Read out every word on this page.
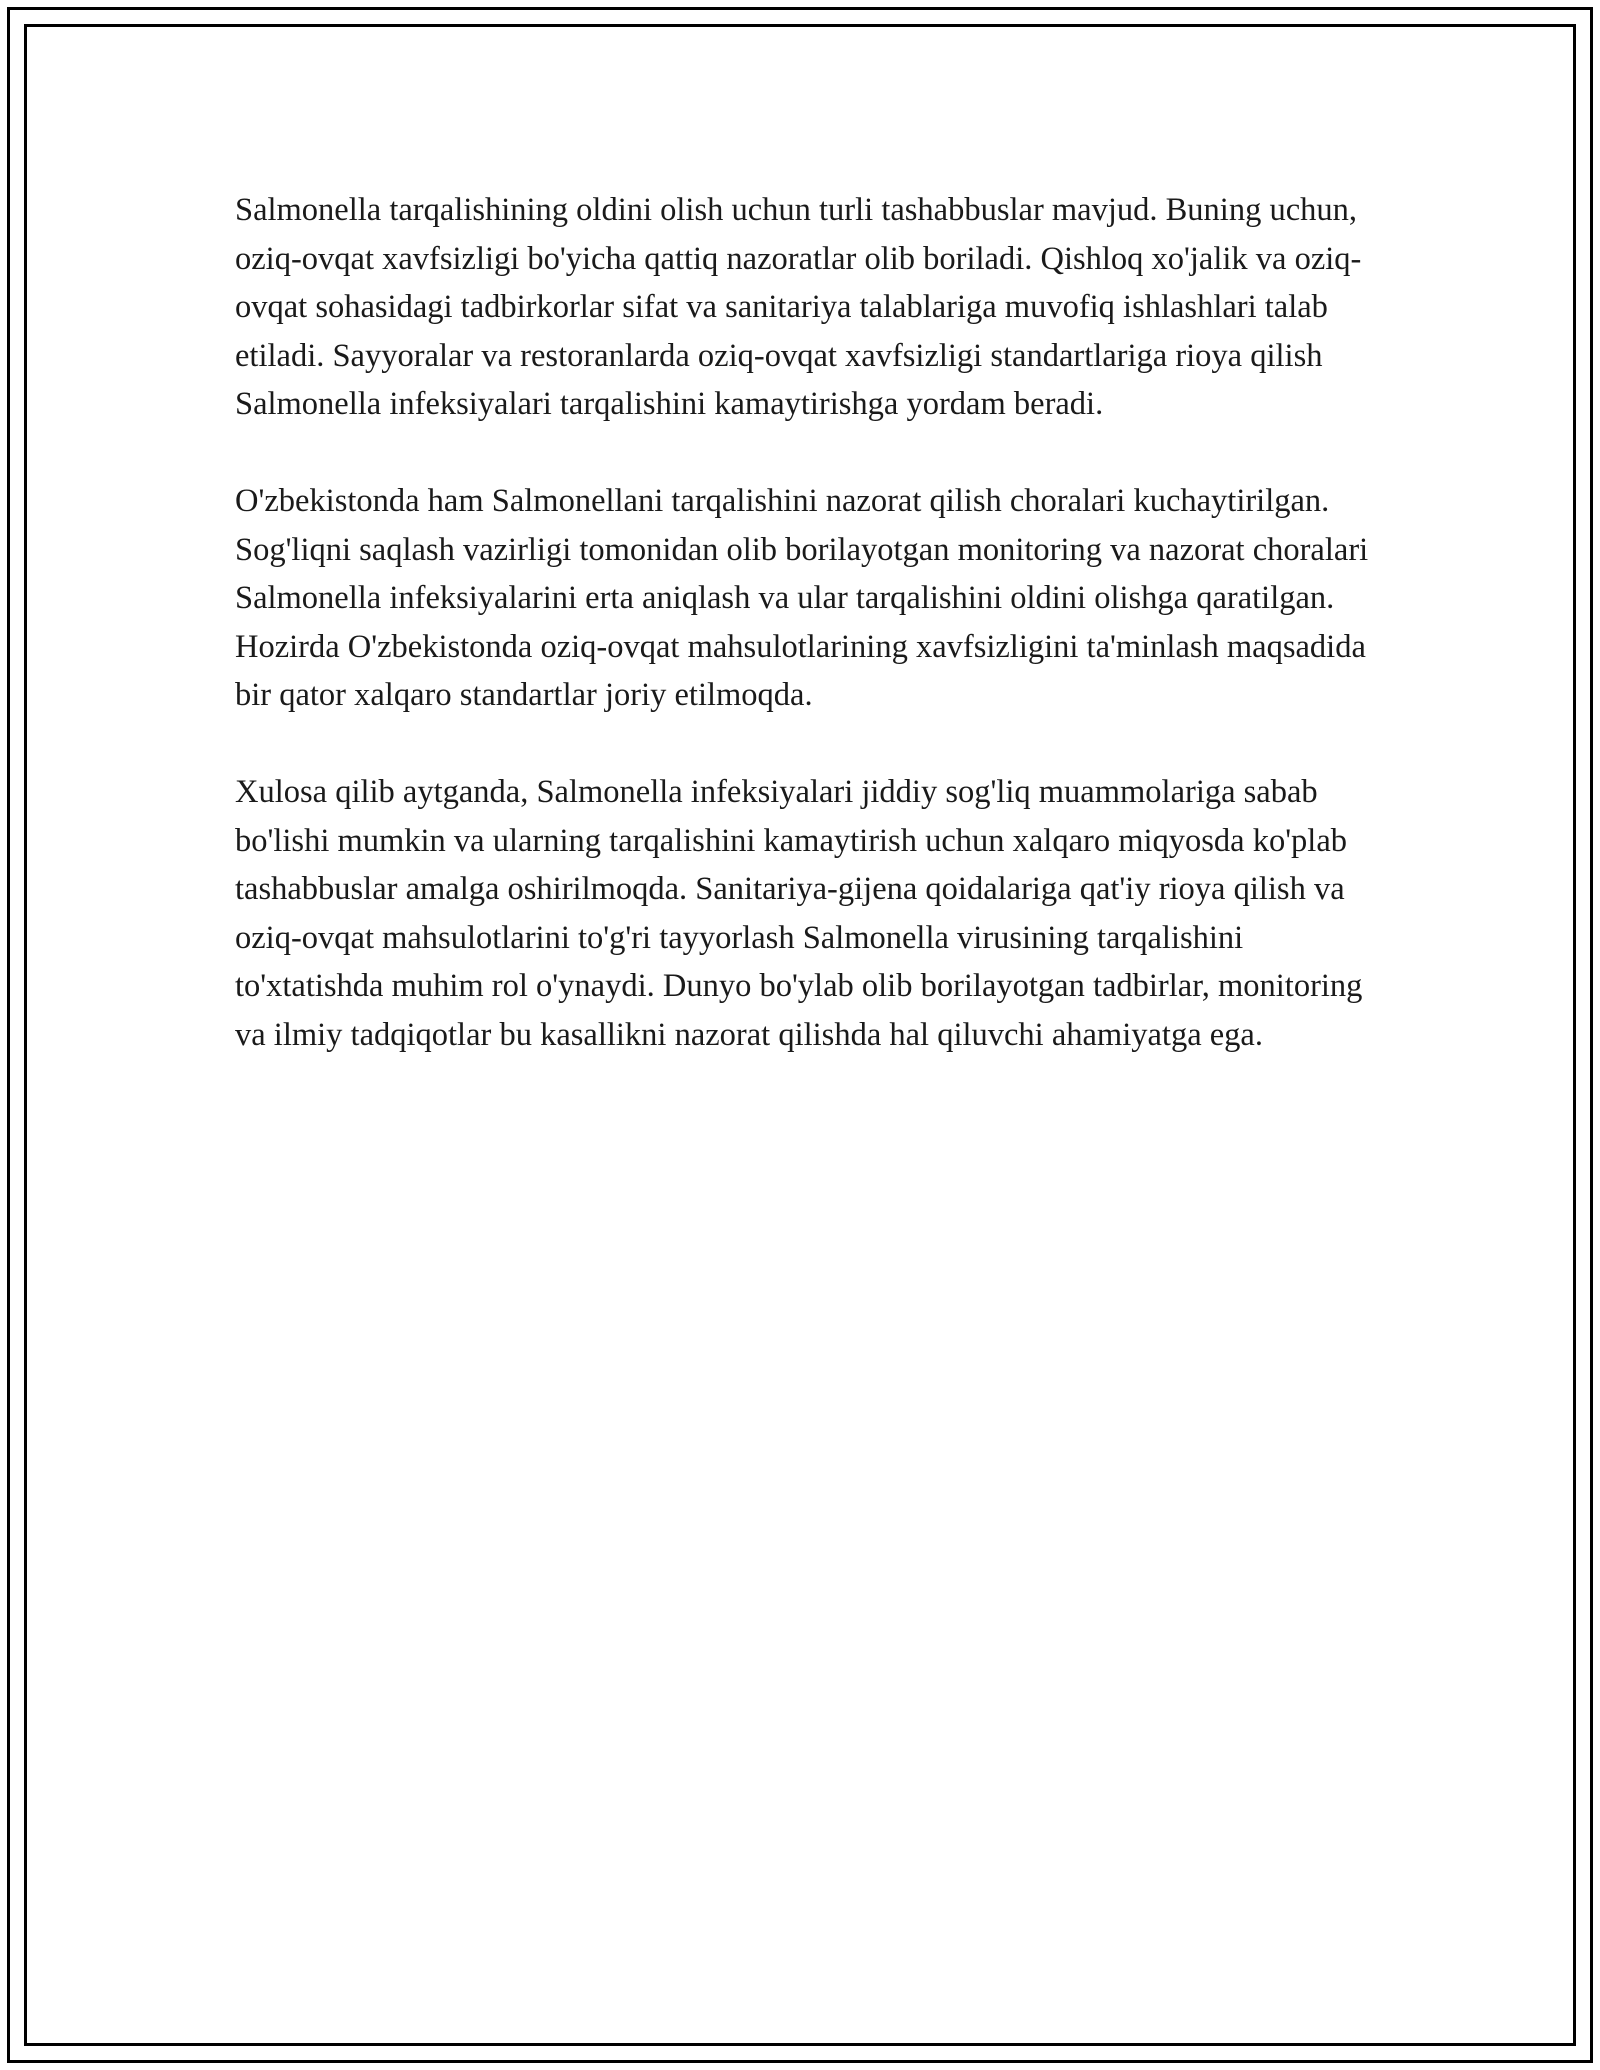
Salmonella tarqalishining oldini olish uchun turli tashabbuslar mavjud. Buning uchun, oziq-ovqat xavfsizligi bo'yicha qattiq nazoratlar olib boriladi. Qishloq xo'jalik va oziq-ovqat sohasidagi tadbirkorlar sifat va sanitariya talablariga muvofiq ishlashlari talab etiladi. Sayyoralar va restoranlarda oziq-ovqat xavfsizligi standartlariga rioya qilish Salmonella infeksiyalari tarqalishini kamaytirishga yordam beradi.

O'zbekistonda ham Salmonellani tarqalishini nazorat qilish choralari kuchaytirilgan. Sog'liqni saqlash vazirligi tomonidan olib borilayotgan monitoring va nazorat choralari Salmonella infeksiyalarini erta aniqlash va ular tarqalishini oldini olishga qaratilgan. Hozirda O'zbekistonda oziq-ovqat mahsulotlarining xavfsizligini ta'minlash maqsadida bir qator xalqaro standartlar joriy etilmoqda.

Xulosa qilib aytganda, Salmonella infeksiyalari jiddiy sog'liq muammolariga sabab bo'lishi mumkin va ularning tarqalishini kamaytirish uchun xalqaro miqyosda ko'plab tashabbuslar amalga oshirilmoqda. Sanitariya-gijena qoidalariga qat'iy rioya qilish va oziq-ovqat mahsulotlarini to'g'ri tayyorlash Salmonella virusining tarqalishini to'xtatishda muhim rol o'ynaydi. Dunyo bo'ylab olib borilayotgan tadbirlar, monitoring va ilmiy tadqiqotlar bu kasallikni nazorat qilishda hal qiluvchi ahamiyatga ega.
